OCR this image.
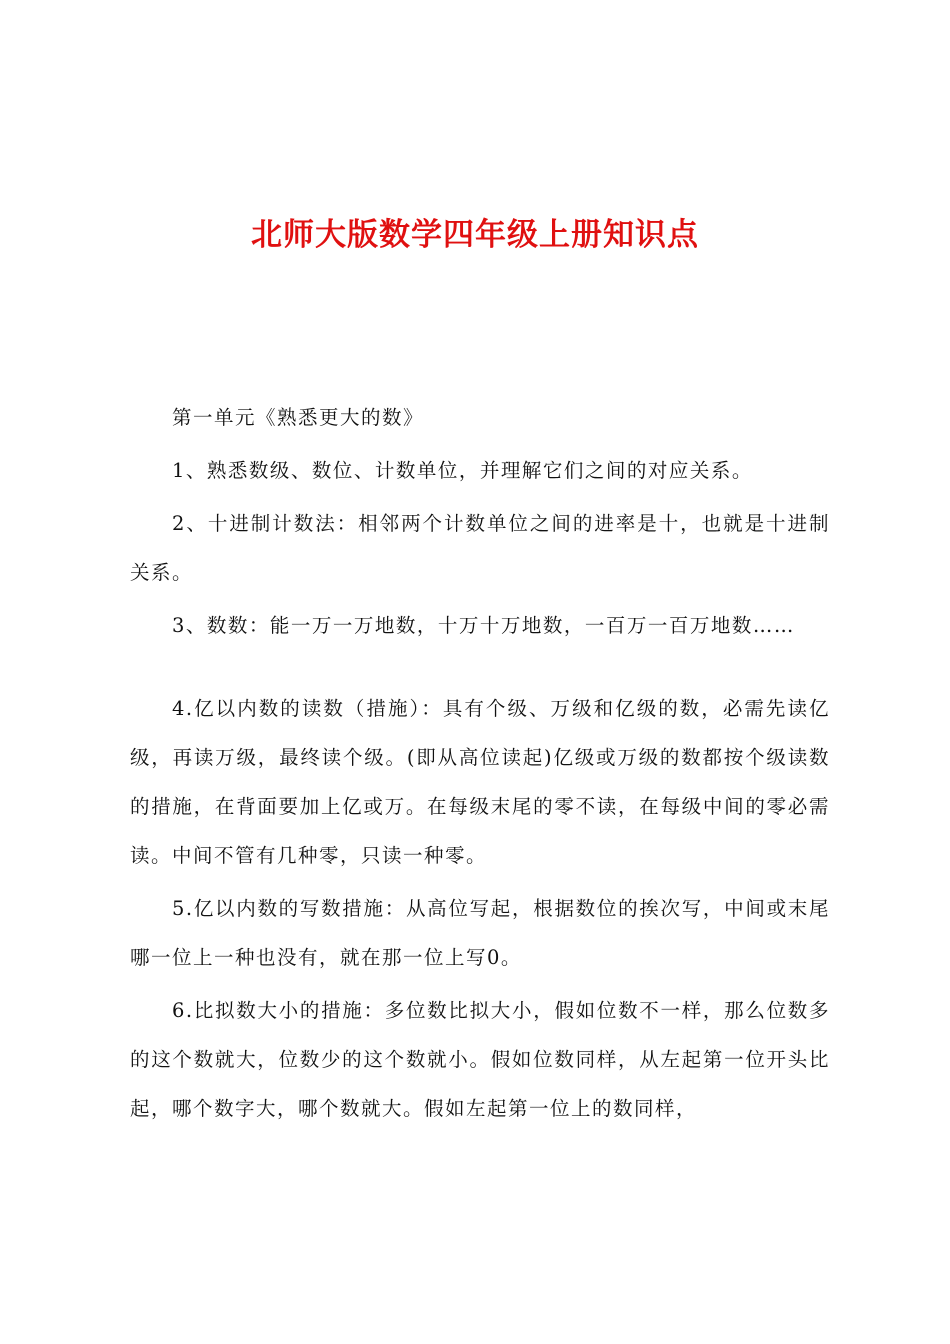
北师大版数学四年级上册知识点

第一单元《熟悉更大的数》

1、熟悉数级、数位、计数单位，并理解它们之间的对应关系。

2、十进制计数法：相邻两个计数单位之间的进率是十，也就是十进制关系。

3、数数：能一万一万地数，十万十万地数，一百万一百万地数……

4.亿以内数的读数（措施）：具有个级、万级和亿级的数，必需先读亿级，再读万级，最终读个级。(即从高位读起)亿级或万级的数都按个级读数的措施，在背面要加上亿或万。在每级末尾的零不读，在每级中间的零必需读。中间不管有几种零，只读一种零。

5.亿以内数的写数措施：从高位写起，根据数位的挨次写，中间或末尾哪一位上一种也没有，就在那一位上写0。

6.比拟数大小的措施：多位数比拟大小，假如位数不一样，那么位数多的这个数就大，位数少的这个数就小。假如位数同样，从左起第一位开头比起，哪个数字大，哪个数就大。假如左起第一位上的数同样，
